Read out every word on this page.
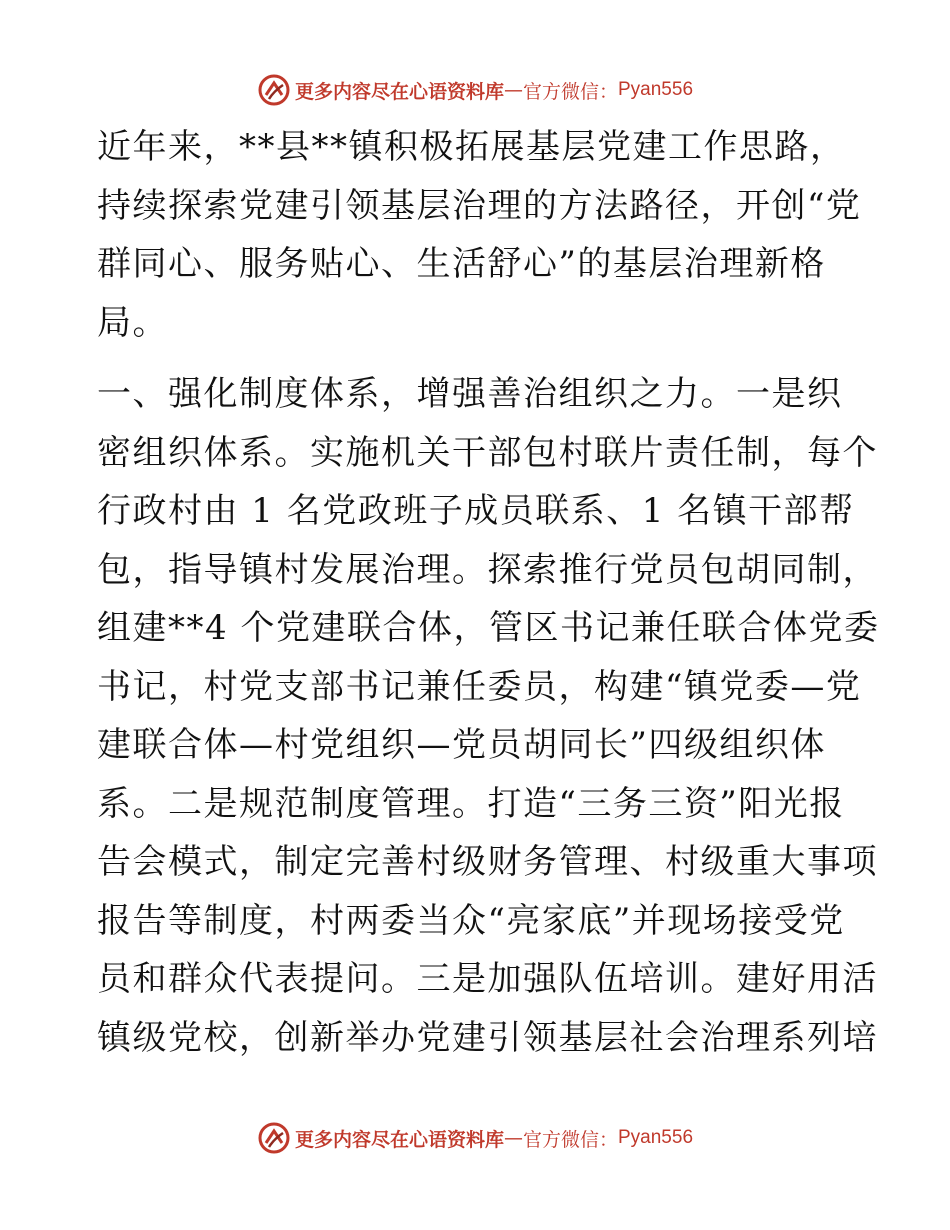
更多内容尽在心语资料库 — 官方微信： Pyan556

近年来，**县**镇积极拓展基层党建工作思路，
持续探索党建引领基层治理的方法路径，开创“党
群同心、服务贴心、生活舒心”的基层治理新格
局。

一、强化制度体系，增强善治组织之力。一是织
密组织体系。实施机关干部包村联片责任制，每个
行政村由 1 名党政班子成员联系、1 名镇干部帮
包，指导镇村发展治理。探索推行党员包胡同制，
组建**4 个党建联合体，管区书记兼任联合体党委
书记，村党支部书记兼任委员，构建“镇党委—党
建联合体—村党组织—党员胡同长”四级组织体
系。二是规范制度管理。打造“三务三资”阳光报
告会模式，制定完善村级财务管理、村级重大事项
报告等制度，村两委当众“亮家底”并现场接受党
员和群众代表提问。三是加强队伍培训。建好用活
镇级党校，创新举办党建引领基层社会治理系列培

更多内容尽在心语资料库 — 官方微信： Pyan556
